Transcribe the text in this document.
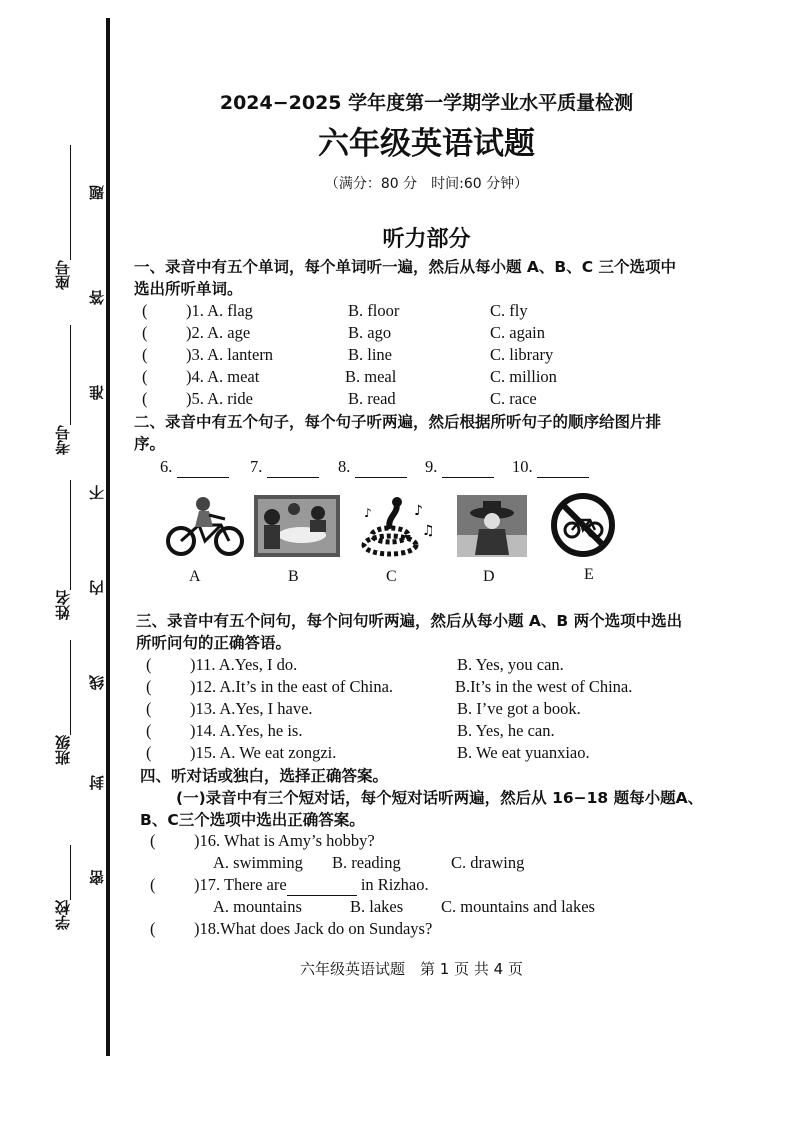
学校
班级
姓名
考号
座号
密
封
线
内
不
准
答
题
2024−2025 学年度第一学期学业水平质量检测
六年级英语试题
（满分：80 分　时间:60 分钟）
听力部分
一、录音中有五个单词，每个单词听一遍，然后从每小题 A、B、C 三个选项中
选出所听单词。
( )1. A. flag	B. floor	C. fly
( )2. A. age	B. ago	C. again
( )3. A. lantern	B. line	C. library
( )4. A. meat	B. meal	C. million
( )5. A. ride	B. read	C. race
二、录音中有五个句子，每个句子听两遍，然后根据所听句子的顺序给图片排
序。
6.	7.	8.	9.	10.
♪
♫
♪
A	B	C	D	E
三、录音中有五个问句，每个问句听两遍，然后从每小题 A、B 两个选项中选出
所听问句的正确答语。
( )11. A.Yes, I do.	B. Yes, you can.
( )12. A.It’s in the east of China.	B.It’s in the west of China.
( )13. A.Yes, I have.	B. I’ve got a book.
( )14. A.Yes, he is.	B. Yes, he can.
( )15. A. We eat zongzi.	B. We eat yuanxiao.
四、听对话或独白，选择正确答案。
(一)录音中有三个短对话，每个短对话听两遍，然后从 16−18 题每小题A、
B、C三个选项中选出正确答案。
( )16. What is Amy’s hobby?
A. swimming B. reading	C. drawing
( )17. There are	in Rizhao.
A. mountains	B. lakes C. mountains and lakes
( )18.What does Jack do on Sundays?
六年级英语试题　第 1 页 共 4 页
